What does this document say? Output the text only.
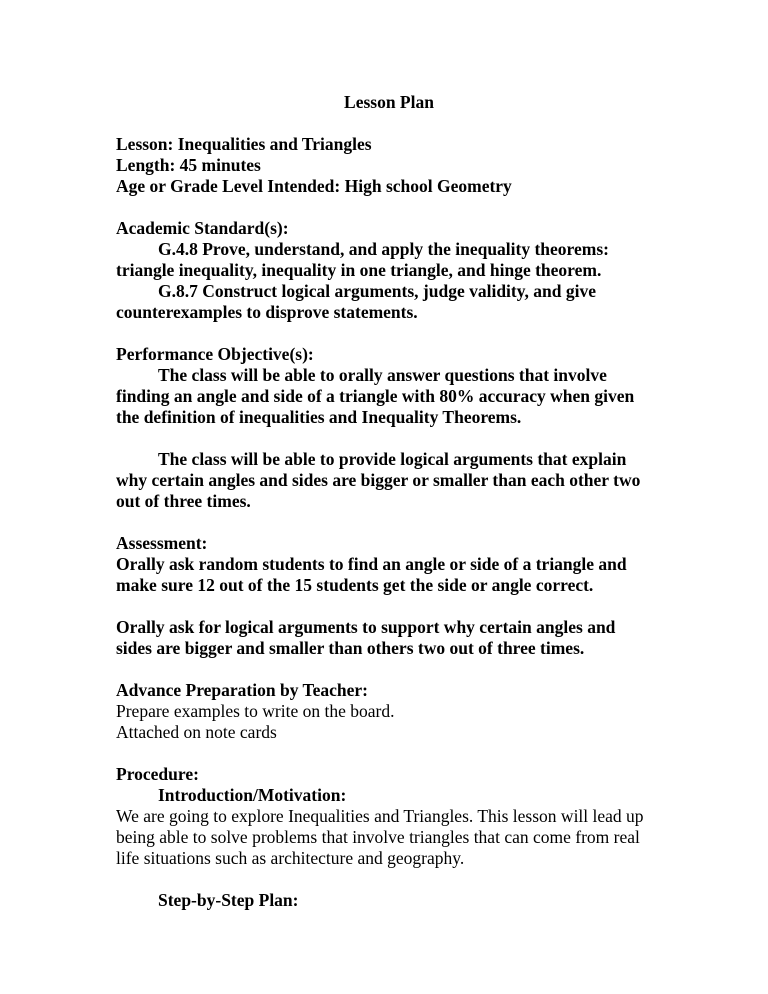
Lesson Plan
Lesson: Inequalities and Triangles
Length: 45 minutes
Age or Grade Level Intended: High school Geometry
Academic Standard(s):
G.4.8 Prove, understand, and apply the inequality theorems:
triangle inequality, inequality in one triangle, and hinge theorem.
G.8.7 Construct logical arguments, judge validity, and give
counterexamples to disprove statements.
Performance Objective(s):
The class will be able to orally answer questions that involve
finding an angle and side of a triangle with 80% accuracy when given
the definition of inequalities and Inequality Theorems.
The class will be able to provide logical arguments that explain
why certain angles and sides are bigger or smaller than each other two
out of three times.
Assessment:
Orally ask random students to find an angle or side of a triangle and
make sure 12 out of the 15 students get the side or angle correct.
Orally ask for logical arguments to support why certain angles and
sides are bigger and smaller than others two out of three times.
Advance Preparation by Teacher:
Prepare examples to write on the board.
Attached on note cards
Procedure:
Introduction/Motivation:
We are going to explore Inequalities and Triangles. This lesson will lead up
being able to solve problems that involve triangles that can come from real
life situations such as architecture and geography.
Step-by-Step Plan:
